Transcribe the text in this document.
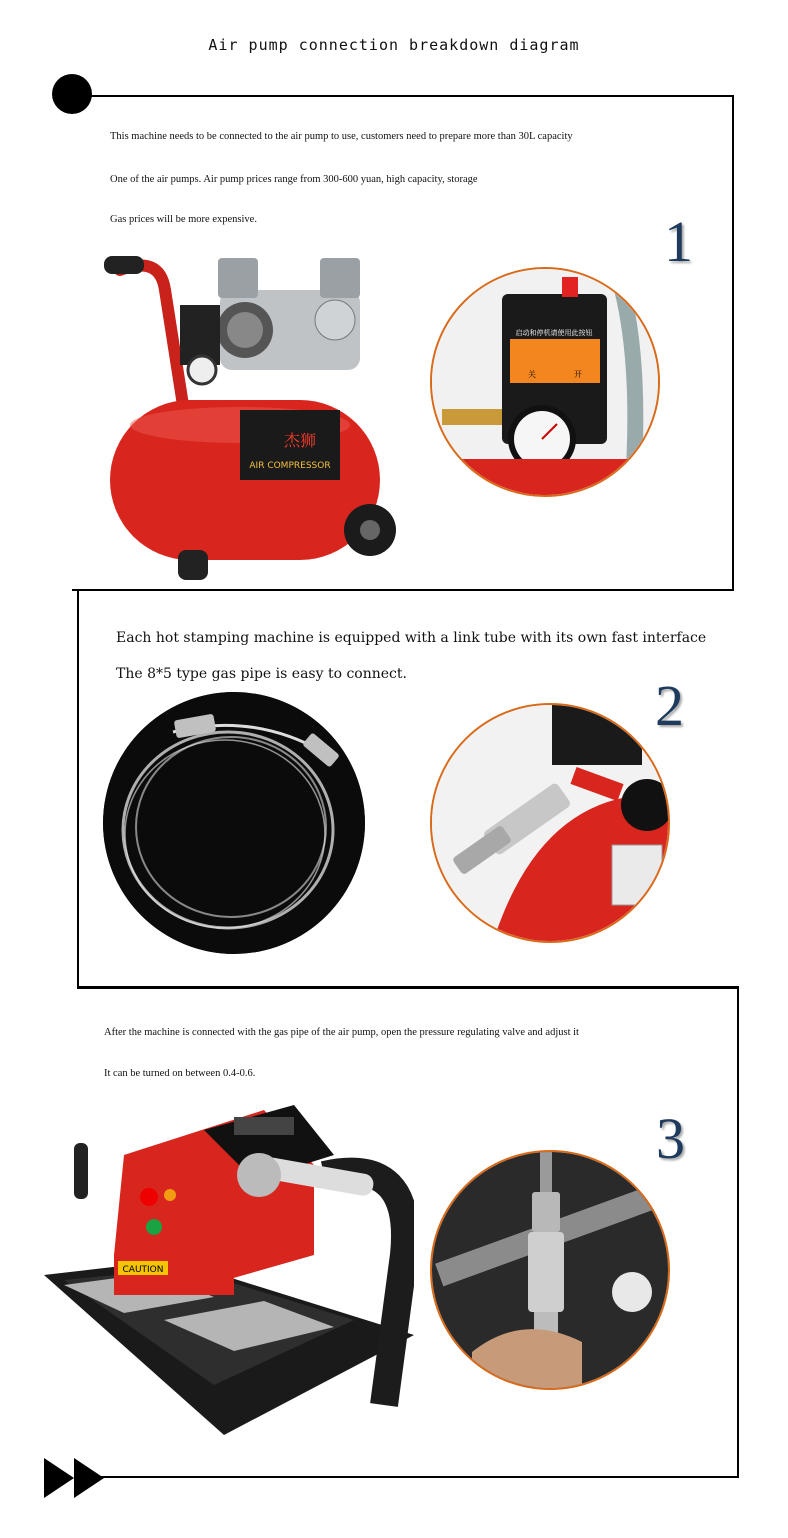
Air pump connection breakdown diagram
This machine needs to be connected to the air pump to use, customers need to prepare more than 30L capacity
One of the air pumps. Air pump prices range from 300-600 yuan, high capacity, storage
Gas prices will be more expensive.	1
AIR COMPRESSOR
杰狮
启动和停机请使用此按钮
关	开
Each hot stamping machine is equipped with a link tube with its own fast interface
The 8*5 type gas pipe is easy to connect.	2
After the machine is connected with the gas pipe of the air pump, open the pressure regulating valve and adjust it
It can be turned on between 0.4-0.6.
3
CAUTION
